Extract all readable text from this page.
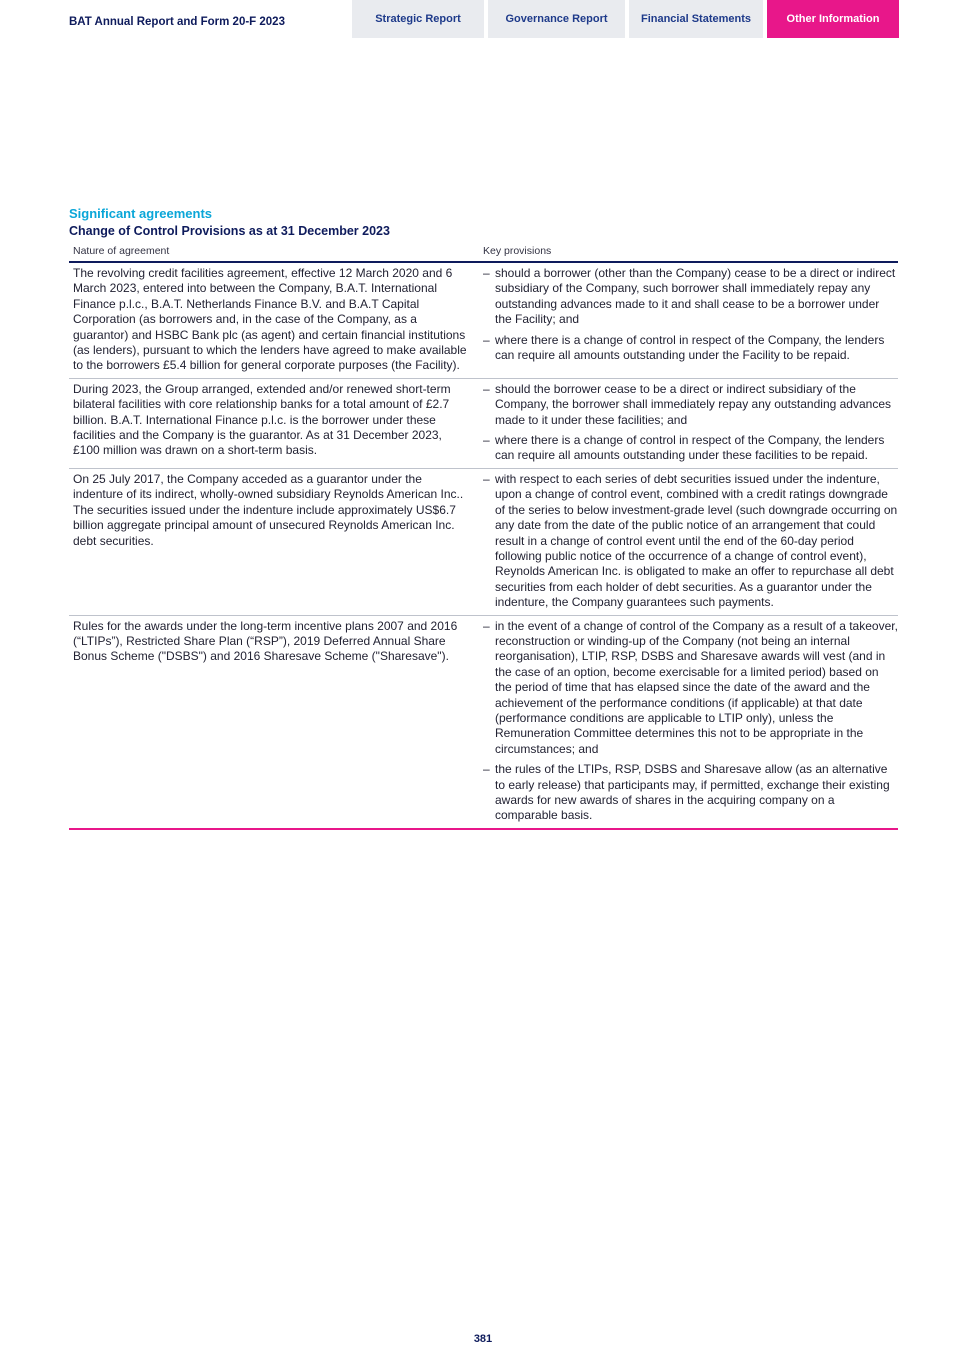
BAT Annual Report and Form 20-F 2023	Strategic Report	Governance Report	Financial Statements	Other Information
Significant agreements
Change of Control Provisions as at 31 December 2023
Nature of agreement	Key provisions
The revolving credit facilities agreement, effective 12 March 2020 and 6 March 2023, entered into between the Company, B.A.T. International Finance p.l.c., B.A.T. Netherlands Finance B.V. and B.A.T Capital Corporation (as borrowers and, in the case of the Company, as a guarantor) and HSBC Bank plc (as agent) and certain financial institutions (as lenders), pursuant to which the lenders have agreed to make available to the borrowers £5.4 billion for general corporate purposes (the Facility).
– should a borrower (other than the Company) cease to be a direct or indirect subsidiary of the Company, such borrower shall immediately repay any outstanding advances made to it and shall cease to be a borrower under the Facility; and
– where there is a change of control in respect of the Company, the lenders can require all amounts outstanding under the Facility to be repaid.
During 2023, the Group arranged, extended and/or renewed short-term bilateral facilities with core relationship banks for a total amount of £2.7 billion. B.A.T. International Finance p.l.c. is the borrower under these facilities and the Company is the guarantor. As at 31 December 2023, £100 million was drawn on a short-term basis.
– should the borrower cease to be a direct or indirect subsidiary of the Company, the borrower shall immediately repay any outstanding advances made to it under these facilities; and
– where there is a change of control in respect of the Company, the lenders can require all amounts outstanding under these facilities to be repaid.
On 25 July 2017, the Company acceded as a guarantor under the indenture of its indirect, wholly-owned subsidiary Reynolds American Inc.. The securities issued under the indenture include approximately US$6.7 billion aggregate principal amount of unsecured Reynolds American Inc. debt securities.
– with respect to each series of debt securities issued under the indenture, upon a change of control event, combined with a credit ratings downgrade of the series to below investment-grade level (such downgrade occurring on any date from the date of the public notice of an arrangement that could result in a change of control event until the end of the 60-day period following public notice of the occurrence of a change of control event), Reynolds American Inc. is obligated to make an offer to repurchase all debt securities from each holder of debt securities. As a guarantor under the indenture, the Company guarantees such payments.
Rules for the awards under the long-term incentive plans 2007 and 2016 (“LTIPs”), Restricted Share Plan (“RSP”), 2019 Deferred Annual Share Bonus Scheme ("DSBS") and 2016 Sharesave Scheme ("Sharesave").
– in the event of a change of control of the Company as a result of a takeover, reconstruction or winding-up of the Company (not being an internal reorganisation), LTIP, RSP, DSBS and Sharesave awards will vest (and in the case of an option, become exercisable for a limited period) based on the period of time that has elapsed since the date of the award and the achievement of the performance conditions (if applicable) at that date (performance conditions are applicable to LTIP only), unless the Remuneration Committee determines this not to be appropriate in the circumstances; and
– the rules of the LTIPs, RSP, DSBS and Sharesave allow (as an alternative to early release) that participants may, if permitted, exchange their existing awards for new awards of shares in the acquiring company on a comparable basis.
381
